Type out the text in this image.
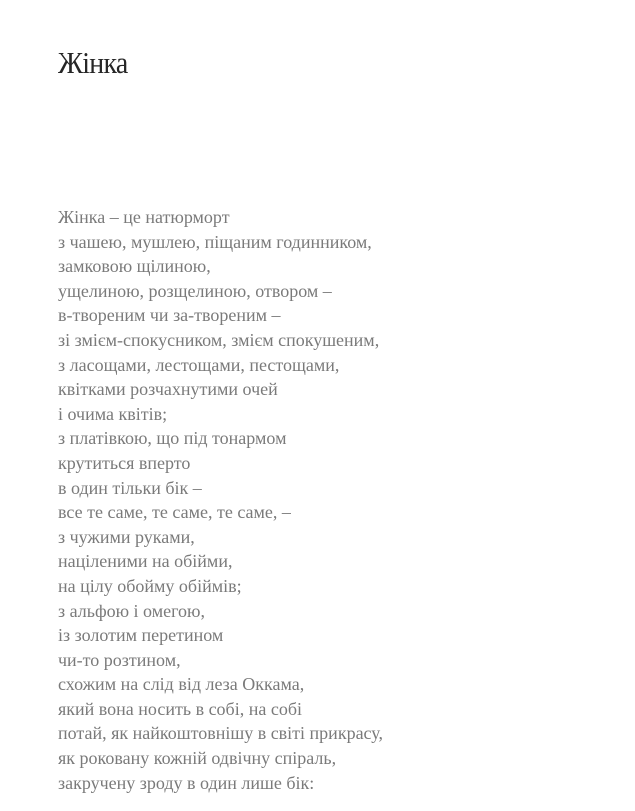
Жінка
Жінка – це натюрморт
з чашею, мушлею, піщаним годинником,
замковою щілиною,
ущелиною, розщелиною, отвором –
в-твореним чи за-твореним –
зі змієм-спокусником, змієм спокушеним,
з ласощами, лестощами, пестощами,
квітками розчахнутими очей
і очима квітів;
з платівкою, що під тонармом
крутиться вперто
в один тільки бік –
все те саме, те саме, те саме, –
з чужими руками,
націленими на обійми,
на цілу обойму обіймів;
з альфою і омегою,
із золотим перетином
чи-то розтином,
схожим на слід від леза Оккама,
який вона носить в собі, на собі
потай, як найкоштовнішу в світі прикрасу,
як роковану кожній одвічну спіраль,
закручену зроду в один лише бік:
